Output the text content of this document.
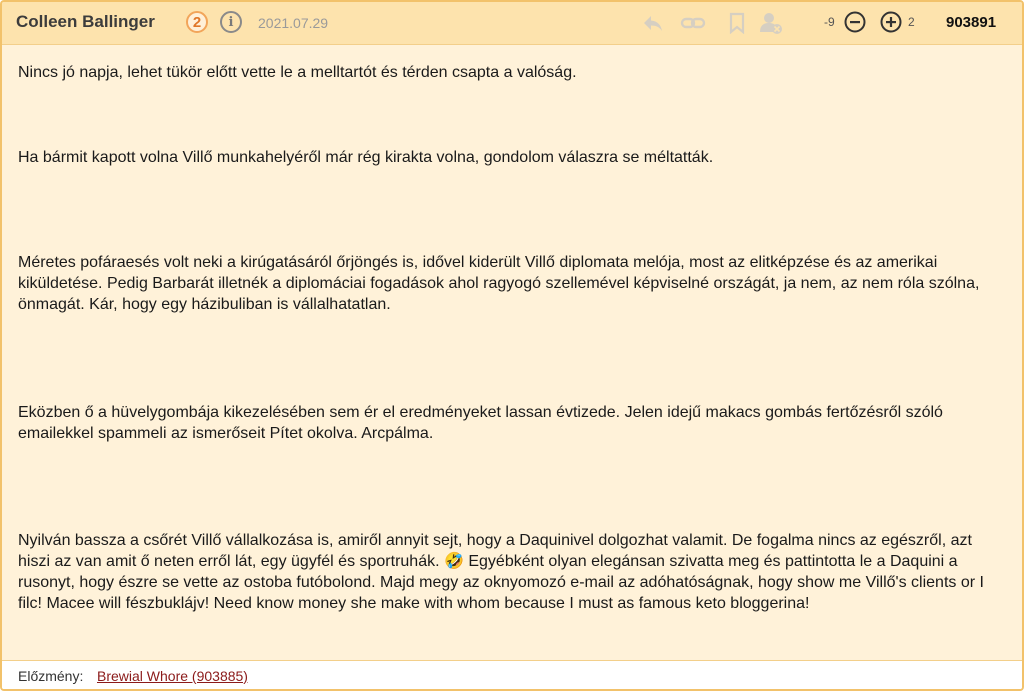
Colleen Ballinger	2	i	2021.07.29	-9	2 903891

Nincs jó napja, lehet tükör előtt vette le a melltartót és térden csapta a valóság.

Ha bármit kapott volna Villő munkahelyéről már rég kirakta volna, gondolom válaszra se méltatták.

Méretes pofáraesés volt neki a kirúgatásáról őrjöngés is, idővel kiderült Villő diplomata melója, most az elitképzése és az amerikai kiküldetése. Pedig Barbarát illetnék a diplomáciai fogadások ahol ragyogó szellemével képviselné országát, ja nem, az nem róla szólna, önmagát. Kár, hogy egy házibuliban is vállalhatatlan.

Eközben ő a hüvelygombája kikezelésében sem ér el eredményeket lassan évtizede. Jelen idejű makacs gombás fertőzésről szóló emailekkel spammeli az ismerőseit Pítet okolva. Arcpálma.

Nyilván bassza a csőrét Villő vállalkozása is, amiről annyit sejt, hogy a Daquinivel dolgozhat valamit. De fogalma nincs az egészről, azt hiszi az van amit ő neten erről lát, egy ügyfél és sportruhák. 🤣 Egyébként olyan elegánsan szivatta meg és pattintotta le a Daquini a rusonyt, hogy észre se vette az ostoba futóbolond. Majd megy az oknyomozó e-mail az adóhatóságnak, hogy show me Villő's clients or I filc! Macee will fészbuklájv! Need know money she make with whom because I must as famous keto bloggerina!

Előzmény: Brewial Whore (903885)
